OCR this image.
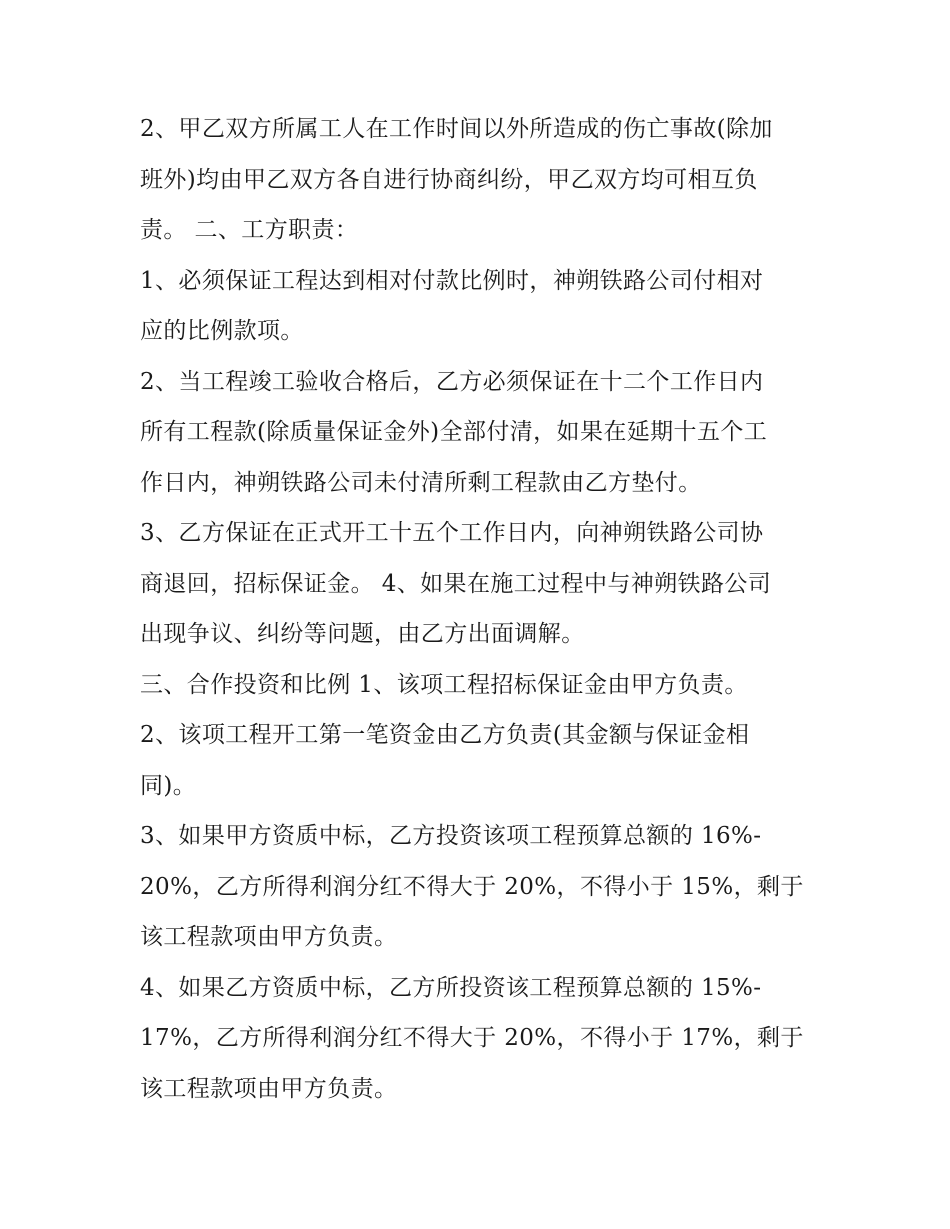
2、甲乙双方所属工人在工作时间以外所造成的伤亡事故(除加
班外)均由甲乙双方各自进行协商纠纷，甲乙双方均可相互负
责。 二、工方职责：

1、必须保证工程达到相对付款比例时，神朔铁路公司付相对
应的比例款项。

2、当工程竣工验收合格后，乙方必须保证在十二个工作日内
所有工程款(除质量保证金外)全部付清，如果在延期十五个工
作日内，神朔铁路公司未付清所剩工程款由乙方垫付。

3、乙方保证在正式开工十五个工作日内，向神朔铁路公司协
商退回，招标保证金。 4、如果在施工过程中与神朔铁路公司
出现争议、纠纷等问题，由乙方出面调解。

三、合作投资和比例 1、该项工程招标保证金由甲方负责。

2、该项工程开工第一笔资金由乙方负责(其金额与保证金相
同)。

3、如果甲方资质中标，乙方投资该项工程预算总额的 16%-
20%，乙方所得利润分红不得大于 20%，不得小于 15%，剩于
该工程款项由甲方负责。

4、如果乙方资质中标，乙方所投资该工程预算总额的 15%-
17%，乙方所得利润分红不得大于 20%，不得小于 17%，剩于
该工程款项由甲方负责。
